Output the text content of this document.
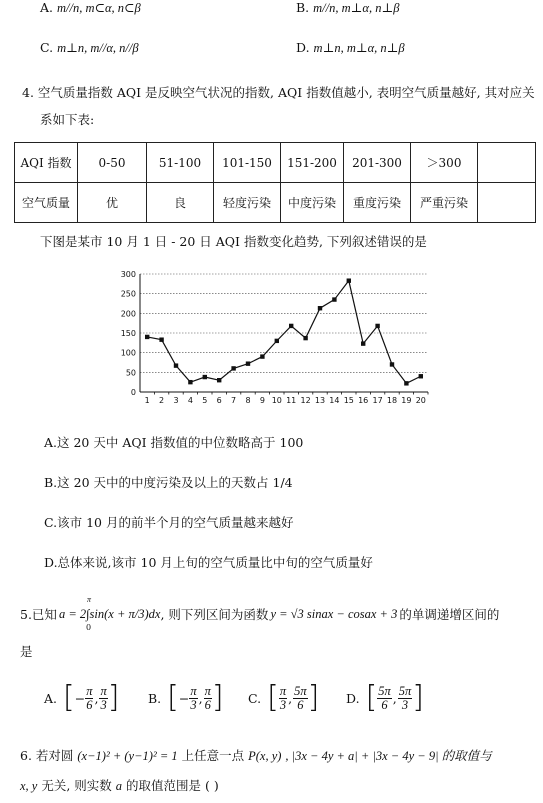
A. m//n, m⊂α, n⊂β	B. m//n, m⊥α, n⊥β
C. m⊥n, m//α, n//β	D. m⊥n, m⊥α, n⊥β
4. 空气质量指数 AQI 是反映空气状况的指数, AQI 指数值越小, 表明空气质量越好, 其对应关
系如下表:
AQI 指数	0-50	51-100	101-150	151-200	201-300	＞300	
空气质量	优	良	轻度污染	中度污染	重度污染	严重污染	
下图是某市 10 月 1 日 - 20 日 AQI 指数变化趋势, 下列叙述错误的是
0
50
100
150
200
250
300
1 2 3 4 5 6 7 8 9 10 11 12 13 14 15 16 17 18 19 20
A.这 20 天中 AQI 指数值的中位数略高于 100
B.这 20 天中的中度污染及以上的天数占 1/4
C.该市 10 月的前半个月的空气质量越来越好
D.总体来说,该市 10 月上旬的空气质量比中旬的空气质量好
5.已知 a = 2∫sin(x + π/3)dx
π
0
, 则下列区间为函数 y = √3 sinax − cosax + 3 的单调递增区间的
是
A. [ − $\frac{\pi}{6}$ , $\frac{\pi}{3}$ ] B. [ − $\frac{\pi}{3}$ , $\frac{\pi}{6}$ ] C. [ $\frac{\pi}{3}$ , $\frac{5\pi}{6}$ ] D. [ $\frac{5\pi}{6}$ , $\frac{5\pi}{3}$ ]
6. 若对圆 (x−1)² + (y−1)² = 1 上任意一点 P(x, y) , |3x − 4y + a| + |3x − 4y − 9| 的取值与
x, y 无关, 则实数 a 的取值范围是 ( )
